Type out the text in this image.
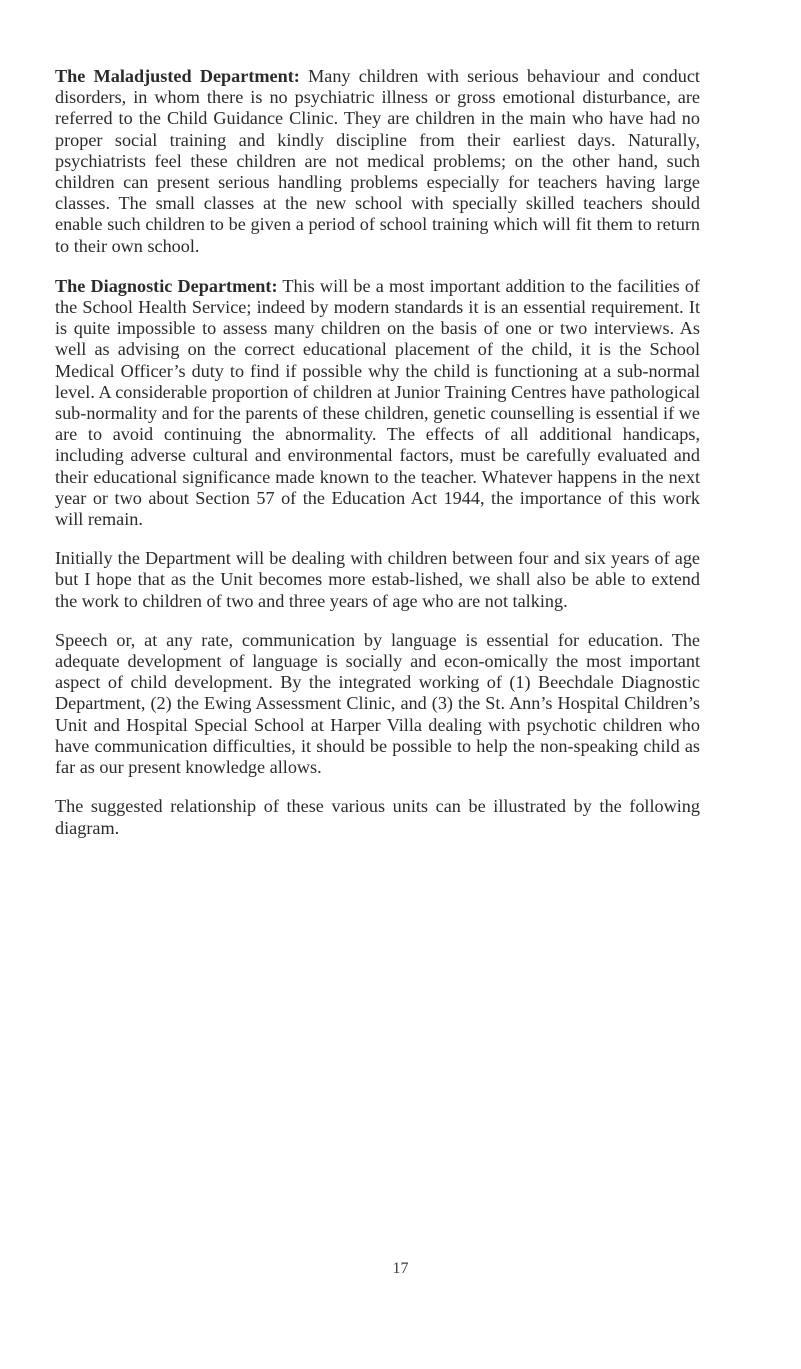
The Maladjusted Department: Many children with serious behaviour and conduct disorders, in whom there is no psychiatric illness or gross emotional disturbance, are referred to the Child Guidance Clinic. They are children in the main who have had no proper social training and kindly discipline from their earliest days. Naturally, psychiatrists feel these children are not medical problems; on the other hand, such children can present serious handling problems especially for teachers having large classes. The small classes at the new school with specially skilled teachers should enable such children to be given a period of school training which will fit them to return to their own school.

The Diagnostic Department: This will be a most important addition to the facilities of the School Health Service; indeed by modern standards it is an essential requirement. It is quite impossible to assess many children on the basis of one or two interviews. As well as advising on the correct educational placement of the child, it is the School Medical Officer’s duty to find if possible why the child is functioning at a sub-normal level. A considerable proportion of children at Junior Training Centres have pathological sub-normality and for the parents of these children, genetic counselling is essential if we are to avoid continuing the abnormality. The effects of all additional handicaps, including adverse cultural and environmental factors, must be carefully evaluated and their educational significance made known to the teacher. Whatever happens in the next year or two about Section 57 of the Education Act 1944, the importance of this work will remain.

Initially the Department will be dealing with children between four and six years of age but I hope that as the Unit becomes more estab-lished, we shall also be able to extend the work to children of two and three years of age who are not talking.

Speech or, at any rate, communication by language is essential for education. The adequate development of language is socially and econ-omically the most important aspect of child development. By the integrated working of (1) Beechdale Diagnostic Department, (2) the Ewing Assessment Clinic, and (3) the St. Ann’s Hospital Children’s Unit and Hospital Special School at Harper Villa dealing with psychotic children who have communication difficulties, it should be possible to help the non-speaking child as far as our present knowledge allows.

The suggested relationship of these various units can be illustrated by the following diagram.

17
